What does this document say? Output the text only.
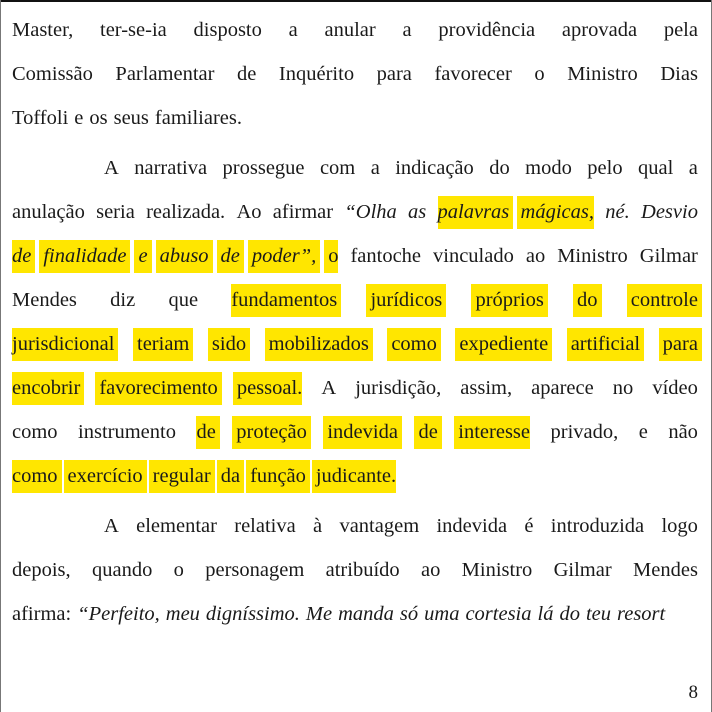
Master, ter-se-ia disposto a anular a providência aprovada pela
Comissão Parlamentar de Inquérito para favorecer o Ministro Dias
Toffoli e os seus familiares.
A narrativa prossegue com a indicação do modo pelo qual a
anulação seria realizada. Ao afirmar “Olha as palavras mágicas, né. Desvio
de finalidade e abuso de poder”, o fantoche vinculado ao Ministro Gilmar
Mendes diz que fundamentos jurídicos próprios do controle
jurisdicional teriam sido mobilizados como expediente artificial para
encobrir favorecimento pessoal. A jurisdição, assim, aparece no vídeo
como instrumento de proteção indevida de interesse privado, e não
como exercício regular da função judicante.
A elementar relativa à vantagem indevida é introduzida logo
depois, quando o personagem atribuído ao Ministro Gilmar Mendes
afirma: “Perfeito, meu digníssimo. Me manda só uma cortesia lá do teu resort
8
